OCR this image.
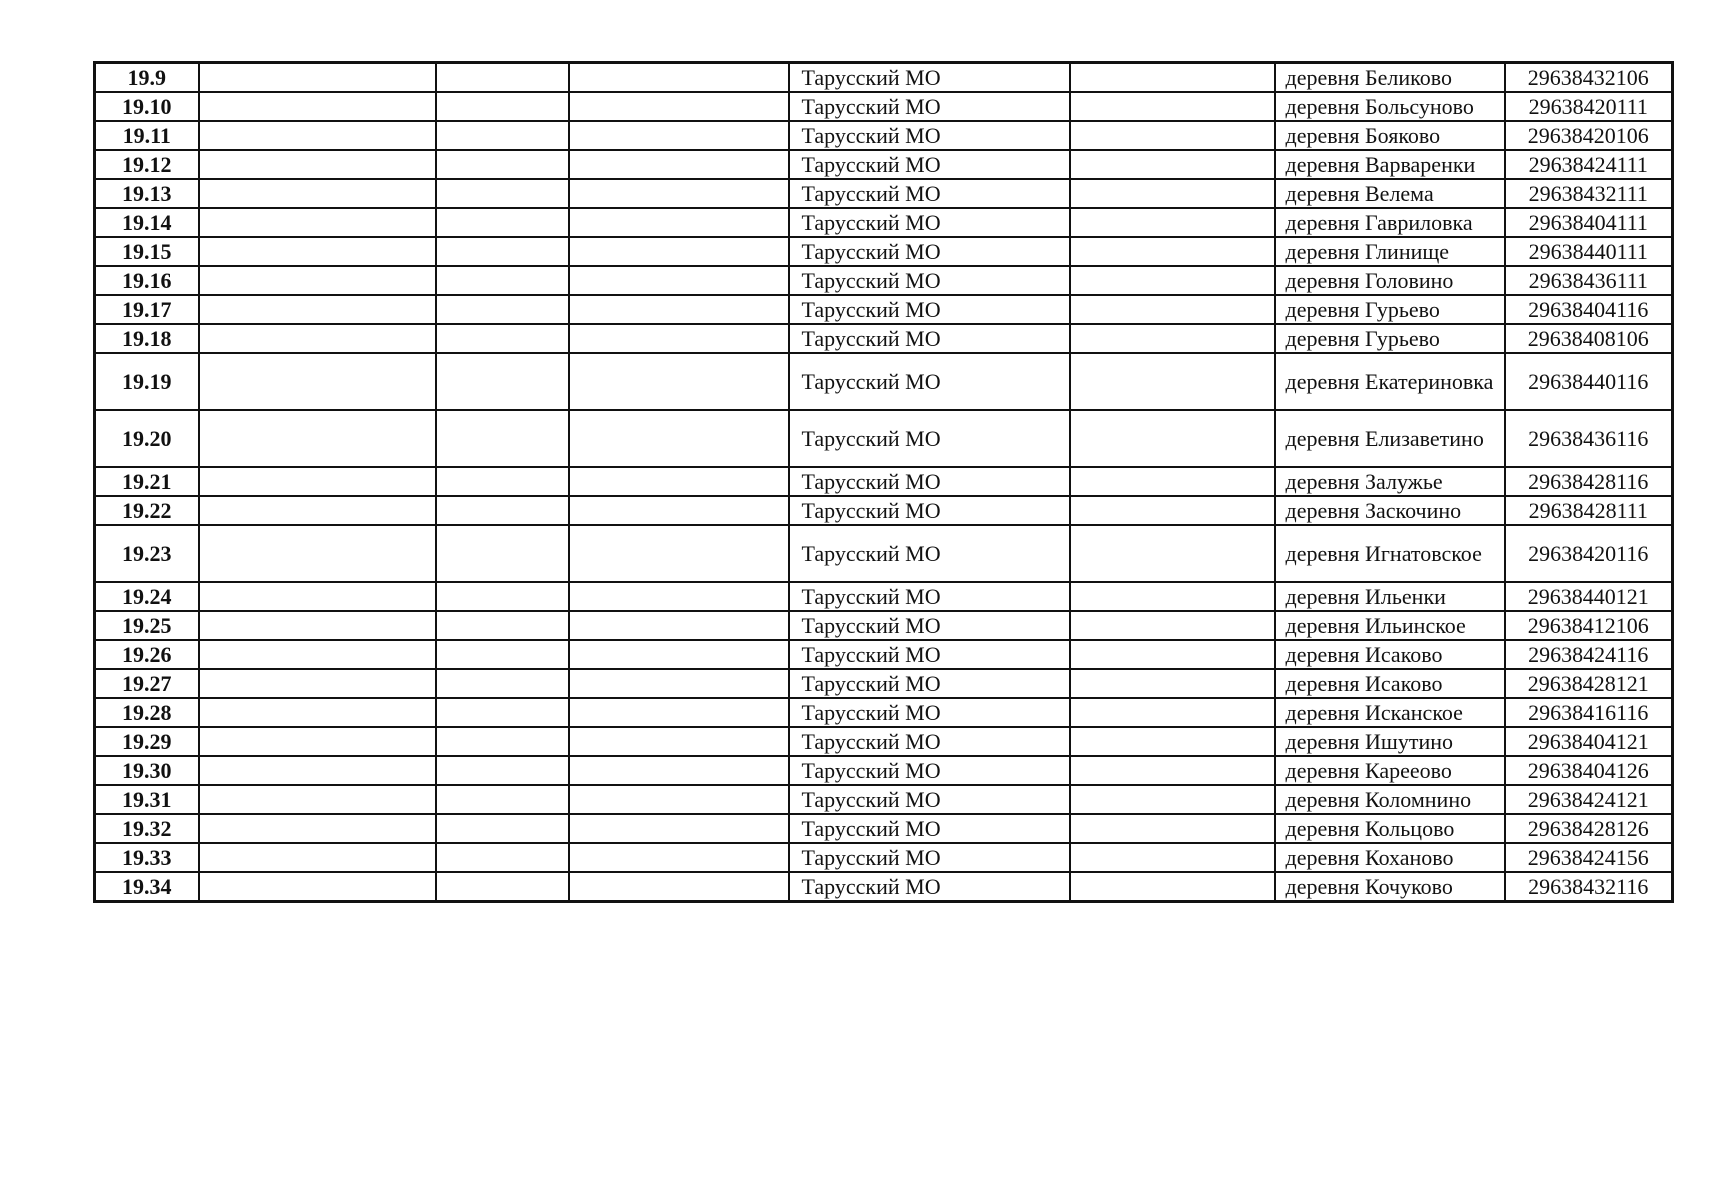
19.9				Тарусский МО		деревня Беликово	29638432106
19.10				Тарусский МО		деревня Больсуново	29638420111
19.11				Тарусский МО		деревня Бояково	29638420106
19.12				Тарусский МО		деревня Варваренки	29638424111
19.13				Тарусский МО		деревня Велема	29638432111
19.14				Тарусский МО		деревня Гавриловка	29638404111
19.15				Тарусский МО		деревня Глинище	29638440111
19.16				Тарусский МО		деревня Головино	29638436111
19.17				Тарусский МО		деревня Гурьево	29638404116
19.18				Тарусский МО		деревня Гурьево	29638408106
19.19				Тарусский МО		деревня Екатериновка	29638440116
19.20				Тарусский МО		деревня Елизаветино	29638436116
19.21				Тарусский МО		деревня Залужье	29638428116
19.22				Тарусский МО		деревня Заскочино	29638428111
19.23				Тарусский МО		деревня Игнатовское	29638420116
19.24				Тарусский МО		деревня Ильенки	29638440121
19.25				Тарусский МО		деревня Ильинское	29638412106
19.26				Тарусский МО		деревня Исаково	29638424116
19.27				Тарусский МО		деревня Исаково	29638428121
19.28				Тарусский МО		деревня Исканское	29638416116
19.29				Тарусский МО		деревня Ишутино	29638404121
19.30				Тарусский МО		деревня Карееово	29638404126
19.31				Тарусский МО		деревня Коломнино	29638424121
19.32				Тарусский МО		деревня Кольцово	29638428126
19.33				Тарусский МО		деревня Коханово	29638424156
19.34				Тарусский МО		деревня Кочуково	29638432116
